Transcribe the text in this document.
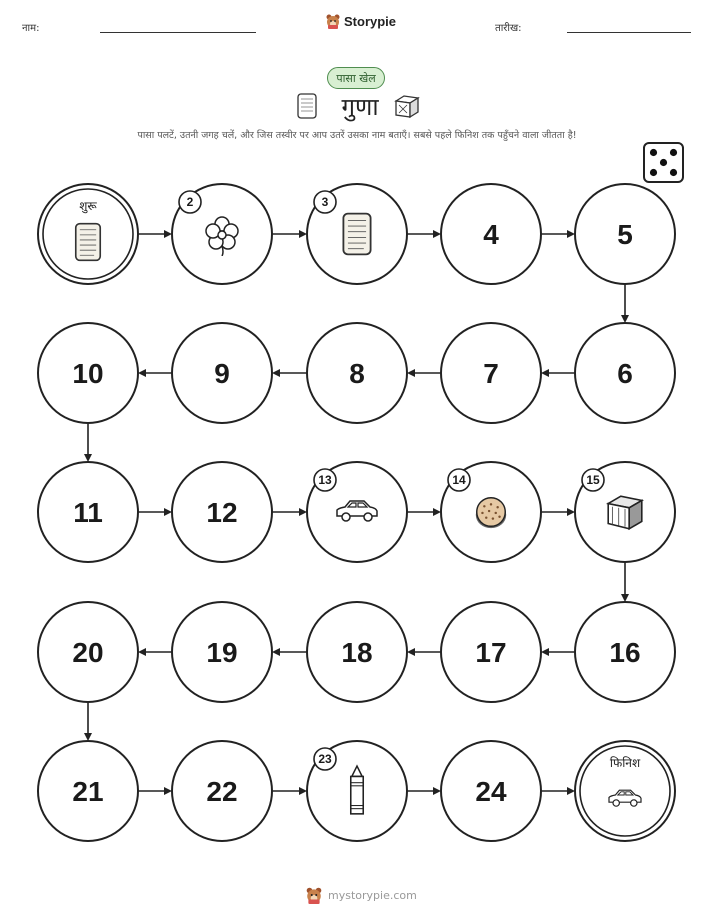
नाम:	Storypie	तारीख:
पासा खेल
गुणा
पासा पलटें, उतनी जगह चलें, और जिस तस्वीर पर आप उतरें उसका नाम बताएँ। सबसे पहले फिनिश तक पहुँचने वाला जीतता है!
शुरू	2	3
4	5
10	9	8	7	6
11	12
13	14	15
20	19	18	17	16
21	22
23
24
फिनिश
mystorypie.com
